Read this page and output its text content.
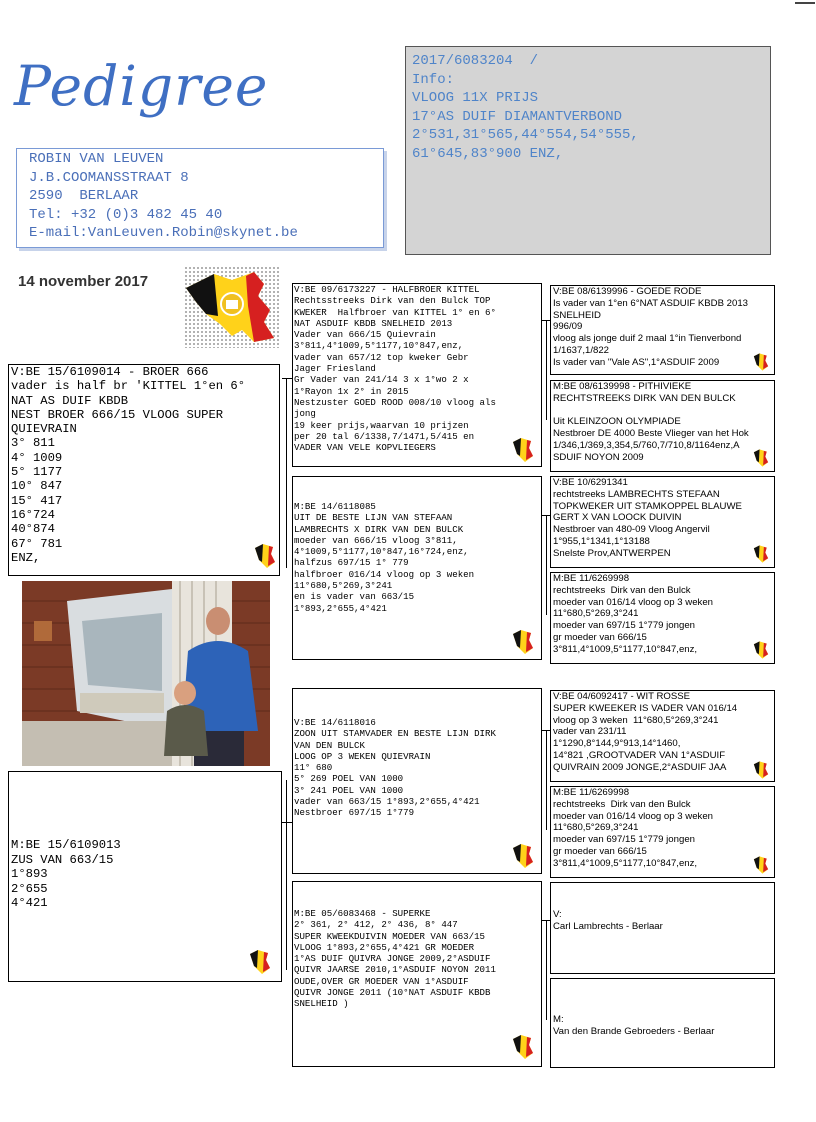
Pedigree
ROBIN VAN LEUVEN
J.B.COOMANSSTRAAT 8
2590  BERLAAR
Tel: +32 (0)3 482 45 40
E-mail:VanLeuven.Robin@skynet.be
2017/6083204  /
Info:
VLOOG 11X PRIJS
17°AS DUIF DIAMANTVERBOND
2°531,31°565,44°554,54°555,
61°645,83°900 ENZ,
14 november 2017
V:BE 15/6109014 - BROER 666
vader is half br 'KITTEL 1°en 6°
NAT AS DUIF KBDB
NEST BROER 666/15 VLOOG SUPER
QUIEVRAIN
3° 811
4° 1009
5° 1177
10° 847
15° 417
16°724
40°874
67° 781
ENZ,
M:BE 15/6109013
ZUS VAN 663/15
1°893
2°655
4°421
V:BE 09/6173227 - HALFBROER KITTEL
Rechtsstreeks Dirk van den Bulck TOP
KWEKER  Halfbroer van KITTEL 1° en 6°
NAT ASDUIF KBDB SNELHEID 2013
Vader van 666/15 Quievrain
3°811,4°1009,5°1177,10°847,enz,
vader van 657/12 top kweker Gebr
Jager Friesland
Gr Vader van 241/14 3 x 1°wo 2 x
1°Rayon 1x 2° in 2015
Nestzuster GOED ROOD 008/10 vloog als
jong
19 keer prijs,waarvan 10 prijzen
per 20 tal 6/1338,7/1471,5/415 en
VADER VAN VELE KOPVLIEGERS
M:BE 14/6118085
UIT DE BESTE LIJN VAN STEFAAN
LAMBRECHTS X DIRK VAN DEN BULCK
moeder van 666/15 vloog 3°811,
4°1009,5°1177,10°847,16°724,enz,
halfzus 697/15 1° 779
halfbroer 016/14 vloog op 3 weken
11°680,5°269,3°241
en is vader van 663/15
1°893,2°655,4°421
V:BE 14/6118016
ZOON UIT STAMVADER EN BESTE LIJN DIRK
VAN DEN BULCK
LOOG OP 3 WEKEN QUIEVRAIN
11° 680
5° 269 POEL VAN 1000
3° 241 POEL VAN 1000
vader van 663/15 1°893,2°655,4°421
Nestbroer 697/15 1°779
M:BE 05/6083468 - SUPERKE
2° 361, 2° 412, 2° 436, 8° 447
SUPER KWEEKDUIVIN MOEDER VAN 663/15
VLOOG 1°893,2°655,4°421 GR MOEDER
1°AS DUIF QUIVRA JONGE 2009,2°ASDUIF
QUIVR JAARSE 2010,1°ASDUIF NOYON 2011
OUDE,OVER GR MOEDER VAN 1°ASDUIF
QUIVR JONGE 2011 (10°NAT ASDUIF KBDB
SNELHEID )
V:BE 08/6139996 - GOEDE RODE
Is vader van 1°en 6°NAT ASDUIF KBDB 2013
SNELHEID
996/09
vloog als jonge duif 2 maal 1°in Tienverbond
1/1637,1/822
Is vader van "Vale AS",1°ASDUIF 2009
M:BE 08/6139998 - PITHIVIEKE
RECHTSTREEKS DIRK VAN DEN BULCK
Uit KLEINZOON OLYMPIADE
Nestbroer DE 4000 Beste Vlieger van het Hok
1/346,1/369,3,354,5/760,7/710,8/1164enz,A
SDUIF NOYON 2009
V:BE 10/6291341
rechtstreeks LAMBRECHTS STEFAAN
TOPKWEKER UIT STAMKOPPEL BLAUWE
GERT X VAN LOOCK DUIVIN
Nestbroer van 480-09 Vloog Angervil
1°955,1°1341,1°13188
Snelste Prov,ANTWERPEN
M:BE 11/6269998
rechtstreeks  Dirk van den Bulck
moeder van 016/14 vloog op 3 weken
11°680,5°269,3°241
moeder van 697/15 1°779 jongen
gr moeder van 666/15
3°811,4°1009,5°1177,10°847,enz,
V:BE 04/6092417 - WIT ROSSE
SUPER KWEEKER IS VADER VAN 016/14
vloog op 3 weken  11°680,5°269,3°241
vader van 231/11
1°1290,8°144,9°913,14°1460,
14°821 ,GROOTVADER VAN 1°ASDUIF
QUIVRAIN 2009 JONGE,2°ASDUIF JAA
M:BE 11/6269998
rechtstreeks  Dirk van den Bulck
moeder van 016/14 vloog op 3 weken
11°680,5°269,3°241
moeder van 697/15 1°779 jongen
gr moeder van 666/15
3°811,4°1009,5°1177,10°847,enz,
V:
Carl Lambrechts - Berlaar
M:
Van den Brande Gebroeders - Berlaar
